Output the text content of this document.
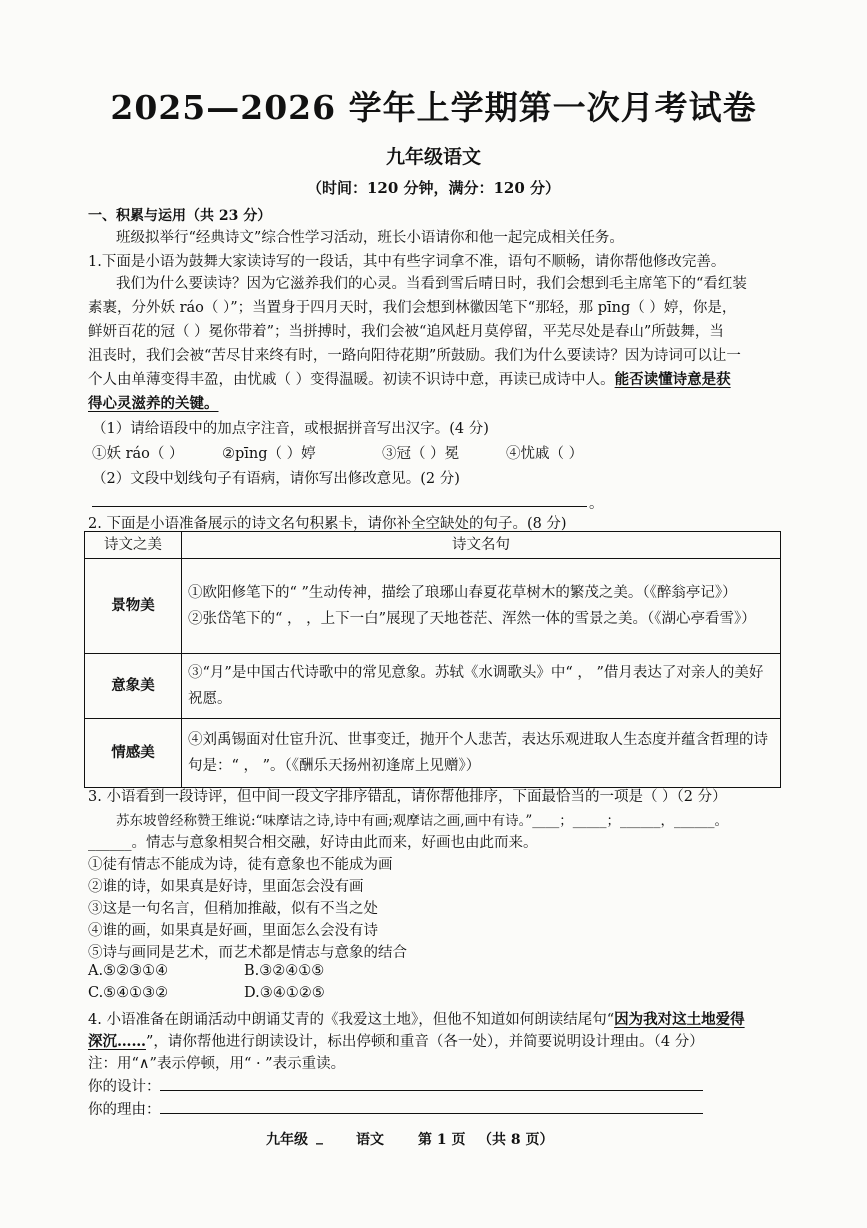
2025—2026 学年上学期第一次月考试卷
九年级语文
（时间：120 分钟，满分：120 分）
一、积累与运用（共 23 分）
班级拟举行“经典诗文”综合性学习活动，班长小语请你和他一起完成相关任务。
1.下面是小语为鼓舞大家读诗写的一段话，其中有些字词拿不准，语句不顺畅，请你帮他修改完善。
我们为什么要读诗？因为它滋养我们的心灵。当看到雪后晴日时，我们会想到毛主席笔下的“看红装
素裹，分外妖 ráo（ ）”；当置身于四月天时，我们会想到林徽因笔下“那轻，那 pīng（ ）婷，你是，
鲜妍百花的冠（ ）冕你带着”；当拼搏时，我们会被“追风赶月莫停留，平芜尽处是春山”所鼓舞，当
沮丧时，我们会被“苦尽甘来终有时，一路向阳待花期”所鼓励。我们为什么要读诗？因为诗词可以让一
个人由单薄变得丰盈，由忧戚（ ）变得温暖。初读不识诗中意，再读已成诗中人。能否读懂诗意是获
得心灵滋养的关键。
（1）请给语段中的加点字注音，或根据拼音写出汉字。(4 分)
①妖 ráo（ ）	②pīng（ ）婷	③冠（ ）冕	④忧戚（ ）
（2）文段中划线句子有语病，请你写出修改意见。(2 分)
。
2. 下面是小语准备展示的诗文名句积累卡，请你补全空缺处的句子。(8 分)
诗文之美	诗文名句
景物美	①欧阳修笔下的“ ”生动传神，描绘了琅琊山春夏花草树木的繁茂之美。（《醉翁亭记》）
②张岱笔下的“ ， ，上下一白”展现了天地苍茫、浑然一体的雪景之美。（《湖心亭看雪》）

意象美	③“月”是中国古代诗歌中的常见意象。苏轼《水调歌头》中“ ， ”借月表达了对亲人的美好祝愿。

情感美	④刘禹锡面对仕宦升沉、世事变迁，抛开个人悲苦，表达乐观进取人生态度并蕴含哲理的诗句是：“ ， ”。（《酬乐天扬州初逢席上见赠》）
3. 小语看到一段诗评，但中间一段文字排序错乱，请你帮他排序，下面最恰当的一项是（ ）（2 分）
苏东坡曾经称赞王维说:“味摩诘之诗,诗中有画;观摩诘之画,画中有诗。”____；_____；______，______。
______。情志与意象相契合相交融，好诗由此而来，好画也由此而来。
①徒有情志不能成为诗，徒有意象也不能成为画
②谁的诗，如果真是好诗，里面怎会没有画
③这是一句名言，但稍加推敲，似有不当之处
④谁的画，如果真是好画，里面怎么会没有诗
⑤诗与画同是艺术，而艺术都是情志与意象的结合
A.⑤②③①④	B.③②④①⑤
C.⑤④①③②	D.③④①②⑤
4. 小语准备在朗诵活动中朗诵艾青的《我爱这土地》，但他不知道如何朗读结尾句“因为我对这土地爱得
深沉……”，请你帮他进行朗读设计，标出停顿和重音（各一处），并简要说明设计理由。（4 分）
注：用“∧”表示停顿，用“ · ”表示重读。
你的设计：
你的理由：
九年级 _ 语文 第 1 页 （共 8 页）
